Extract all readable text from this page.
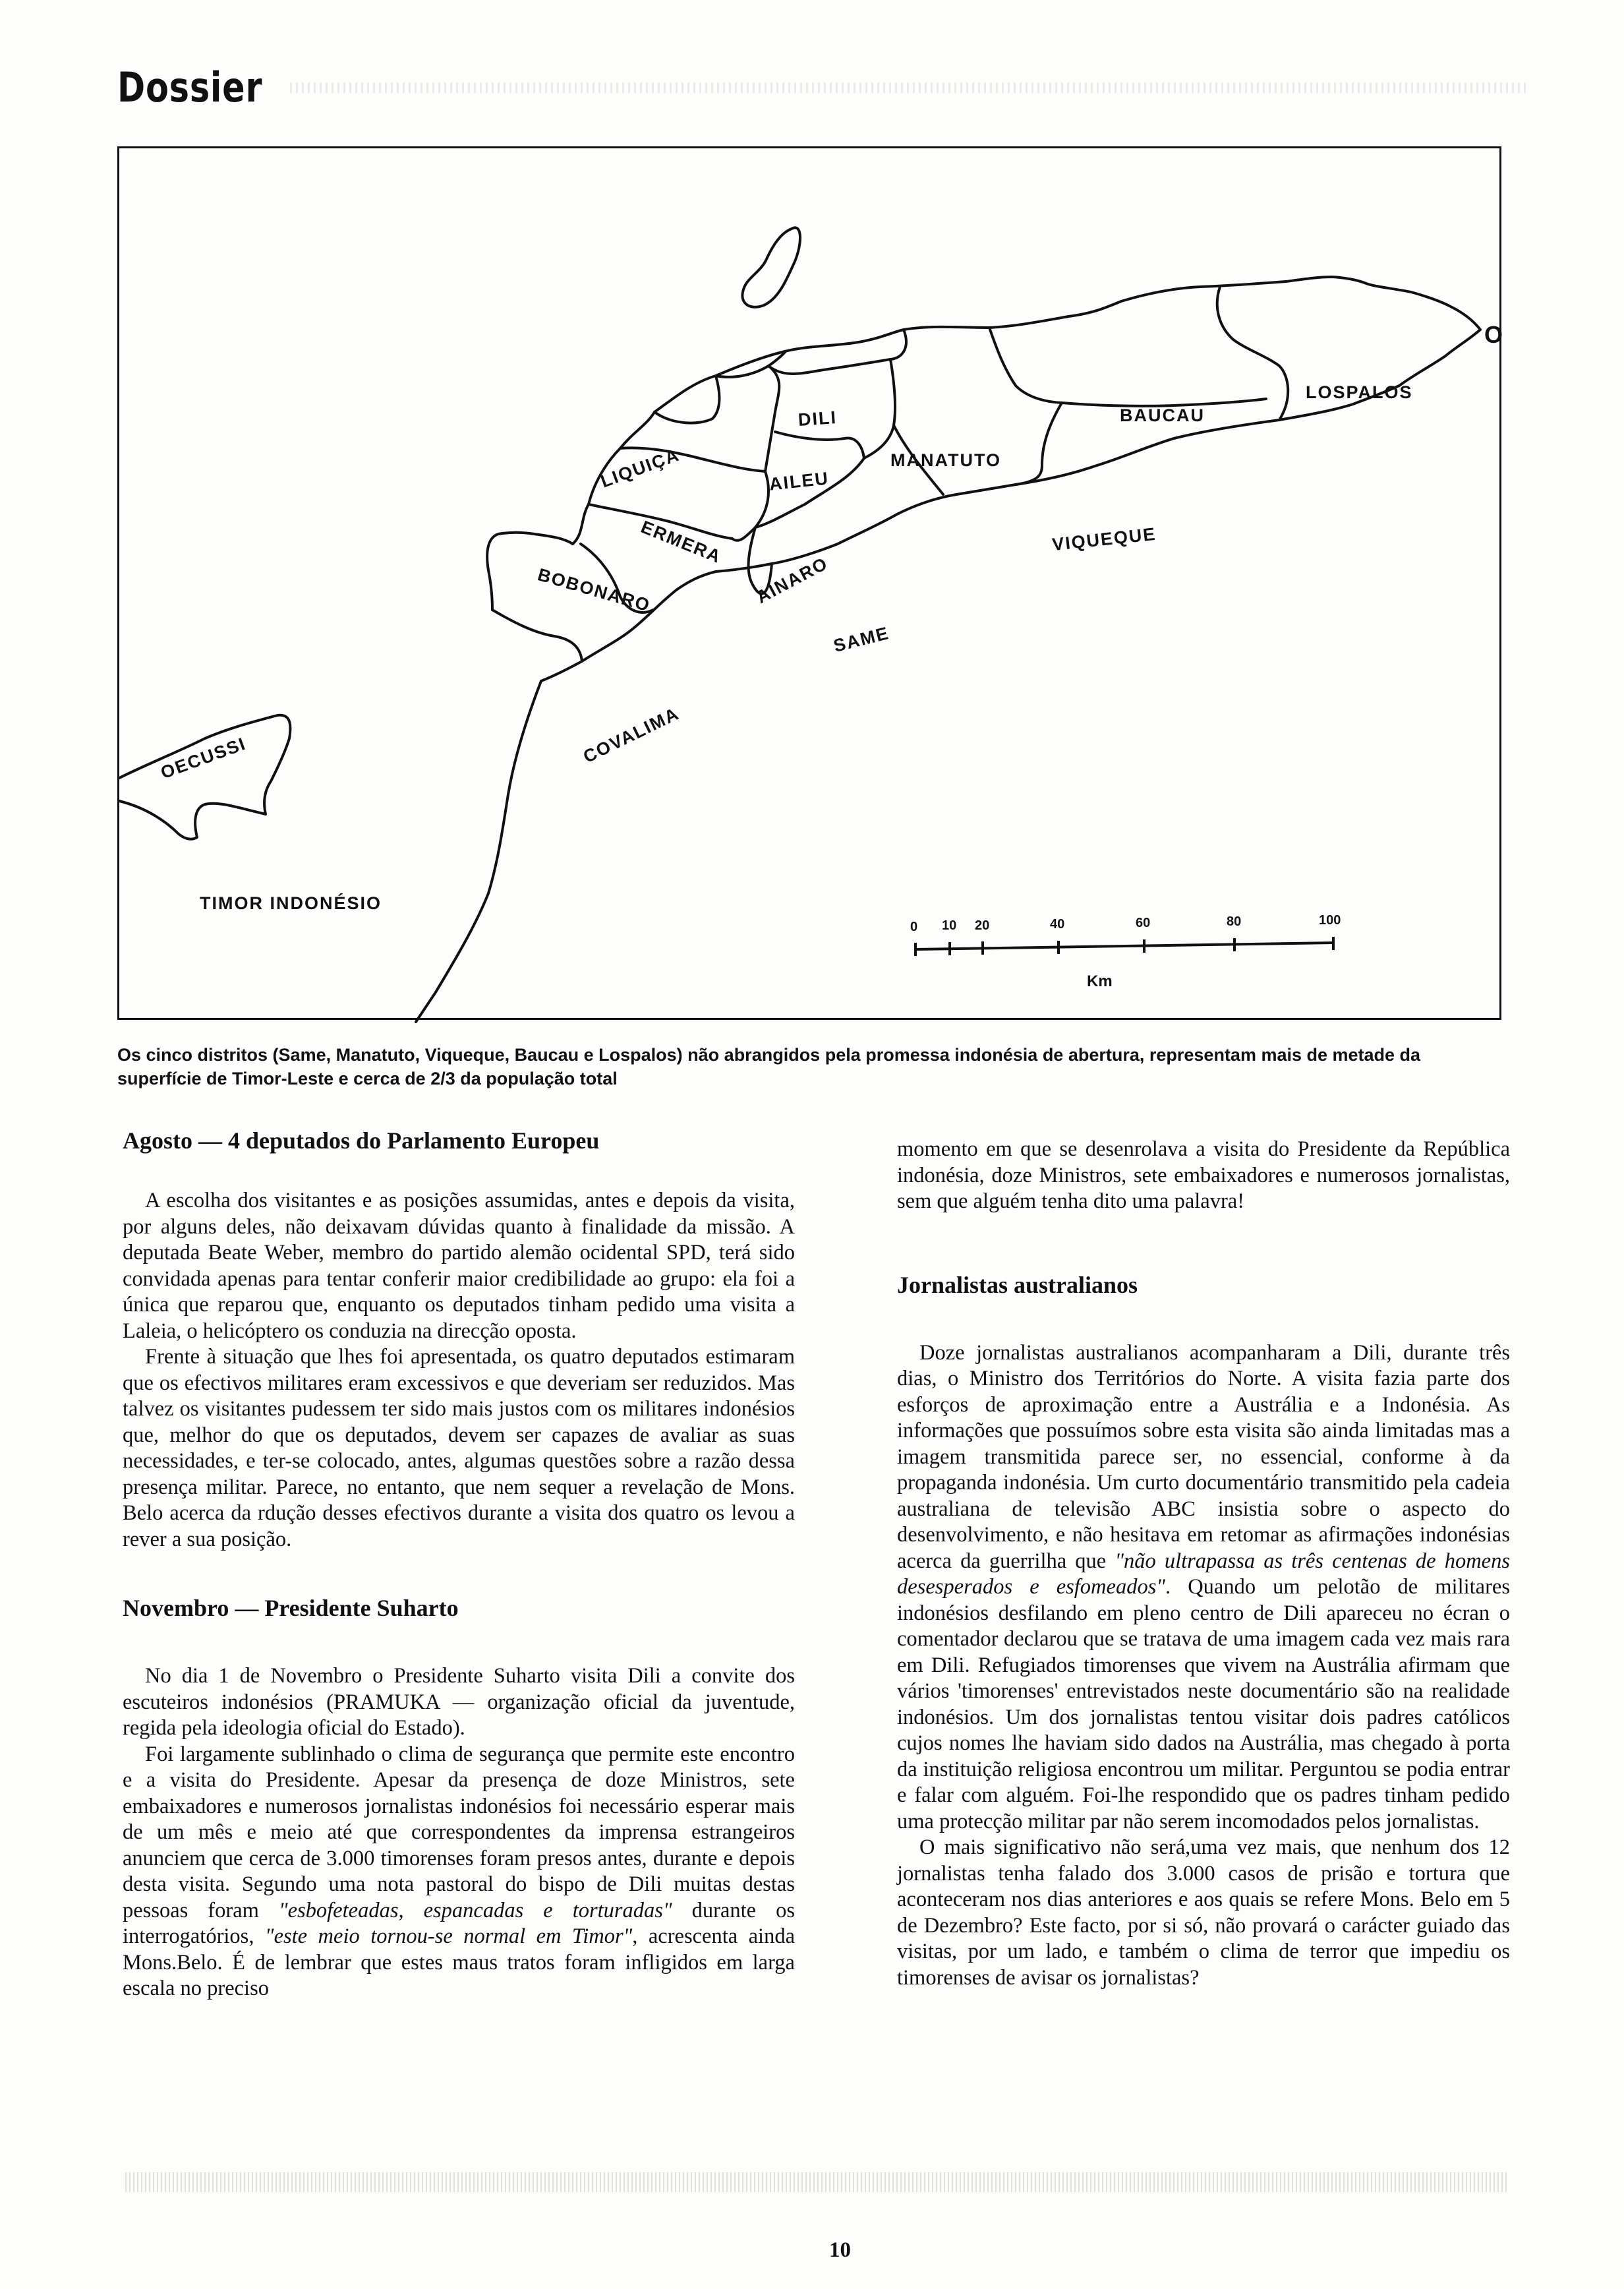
Dossier
O
DILI
LIQUIÇA	AILEU
MANATUTO
BAUCAU
LOSPALOS
ERMERA
BOBONARO	AINARO
VIQUEQUE
SAME
COVALIMA
OECUSSI
TIMOR INDONÉSIO
0 10 20	40	60	80	100
Km
Os cinco distritos (Same, Manatuto, Viqueque, Baucau e Lospalos) não abrangidos pela promessa indonésia de abertura, representam mais de metade da superfície de Timor-Leste e cerca de 2/3 da população total
Agosto — 4 deputados do Parlamento Europeu

A escolha dos visitantes e as posições assumidas, antes e depois da visita, por alguns deles, não deixavam dúvidas quanto à finalidade da missão. A deputada Beate Weber, membro do partido alemão ocidental SPD, terá sido convidada apenas para tentar conferir maior credibilidade ao grupo: ela foi a única que reparou que, enquanto os deputados tinham pedido uma visita a Laleia, o helicóptero os conduzia na direcção oposta.

Frente à situação que lhes foi apresentada, os quatro deputados estimaram que os efectivos militares eram excessivos e que deveriam ser reduzidos. Mas talvez os visitantes pudessem ter sido mais justos com os militares indonésios que, melhor do que os deputados, devem ser capazes de avaliar as suas necessidades, e ter-se colocado, antes, algumas questões sobre a razão dessa presença militar. Parece, no entanto, que nem sequer a revelação de Mons. Belo acerca da rdução desses efectivos durante a visita dos quatro os levou a rever a sua posição.

Novembro — Presidente Suharto

No dia 1 de Novembro o Presidente Suharto visita Dili a convite dos escuteiros indonésios (PRAMUKA — organização oficial da juventude, regida pela ideologia oficial do Estado).

Foi largamente sublinhado o clima de segurança que permite este encontro e a visita do Presidente. Apesar da presença de doze Ministros, sete embaixadores e numerosos jornalistas indonésios foi necessário esperar mais de um mês e meio até que correspondentes da imprensa estrangeiros anunciem que cerca de 3.000 timorenses foram presos antes, durante e depois desta visita. Segundo uma nota pastoral do bispo de Dili muitas destas pessoas foram "esbofeteadas, espancadas e torturadas" durante os interrogatórios, "este meio tornou-se normal em Timor", acrescenta ainda Mons.Belo. É de lembrar que estes maus tratos foram infligidos em larga escala no preciso

momento em que se desenrolava a visita do Presidente da República indonésia, doze Ministros, sete embaixadores e numerosos jornalistas, sem que alguém tenha dito uma palavra!

Jornalistas australianos

Doze jornalistas australianos acompanharam a Dili, durante três dias, o Ministro dos Territórios do Norte. A visita fazia parte dos esforços de aproximação entre a Austrália e a Indonésia. As informações que possuímos sobre esta visita são ainda limitadas mas a imagem transmitida parece ser, no essencial, conforme à da propaganda indonésia. Um curto documentário transmitido pela cadeia australiana de televisão ABC insistia sobre o aspecto do desenvolvimento, e não hesitava em retomar as afirmações indonésias acerca da guerrilha que "não ultrapassa as três centenas de homens desesperados e esfomeados". Quando um pelotão de militares indonésios desfilando em pleno centro de Dili apareceu no écran o comentador declarou que se tratava de uma imagem cada vez mais rara em Dili. Refugiados timorenses que vivem na Austrália afirmam que vários 'timorenses' entrevistados neste documentário são na realidade indonésios. Um dos jornalistas tentou visitar dois padres católicos cujos nomes lhe haviam sido dados na Austrália, mas chegado à porta da instituição religiosa encontrou um militar. Perguntou se podia entrar e falar com alguém. Foi-lhe respondido que os padres tinham pedido uma protecção militar par não serem incomodados pelos jornalistas.

O mais significativo não será,uma vez mais, que nenhum dos 12 jornalistas tenha falado dos 3.000 casos de prisão e tortura que aconteceram nos dias anteriores e aos quais se refere Mons. Belo em 5 de Dezembro? Este facto, por si só, não provará o carácter guiado das visitas, por um lado, e também o clima de terror que impediu os timorenses de avisar os jornalistas?

10
